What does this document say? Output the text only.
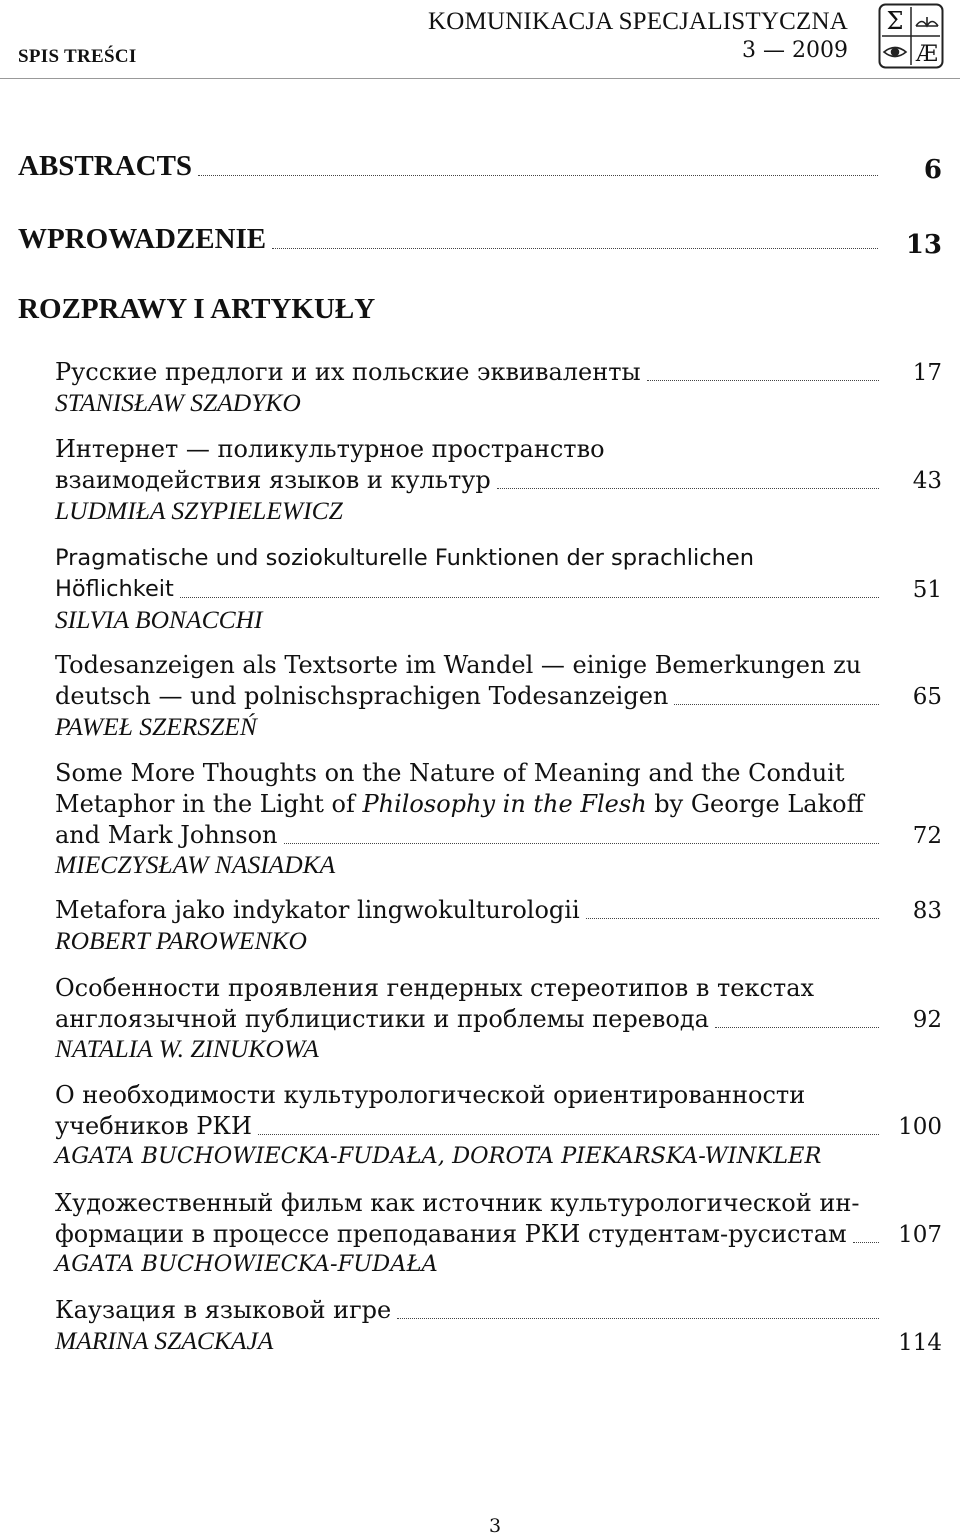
SPIS TREŚCI
KOMUNIKACJA SPECJALISTYCZNA
3 — 2009
Σ
Æ
ABSTRACTS	6
WPROWADZENIE	13
ROZPRAWY I ARTYKUŁY
Русские предлоги и их польские эквиваленты	17
STANISŁAW SZADYKO
Интернет — поликультурное пространство
взаимодействия языков и культур	43
LUDMIŁA SZYPIELEWICZ
Pragmatische und soziokulturelle Funktionen der sprachlichen
Höflichkeit	51
SILVIA BONACCHI
Todesanzeigen als Textsorte im Wandel — einige Bemerkungen zu
deutsch — und polnischsprachigen Todesanzeigen	65
PAWEŁ SZERSZEŃ
Some More Thoughts on the Nature of Meaning and the Conduit
Metaphor in the Light of Philosophy in the Flesh by George Lakoff
and Mark Johnson	72
MIECZYSŁAW NASIADKA
Metafora jako indykator lingwokulturologii	83
ROBERT PAROWENKO
Особенности проявления гендерных стереотипов в текстах
англоязычной публицистики и проблемы перевода	92
NATALIA W. ZINUKOWA
О необходимости культурологической ориентированности
учебников РКИ	100
AGATA BUCHOWIECKA-FUDAŁA, DOROTA PIEKARSKA-WINKLER
Художественный фильм как источник культурологической ин-
формации в процессе преподавания РКИ студентам-русистам	107
AGATA BUCHOWIECKA-FUDAŁA
Каузация в языковой игре
MARINA SZACKAJA	114
3
